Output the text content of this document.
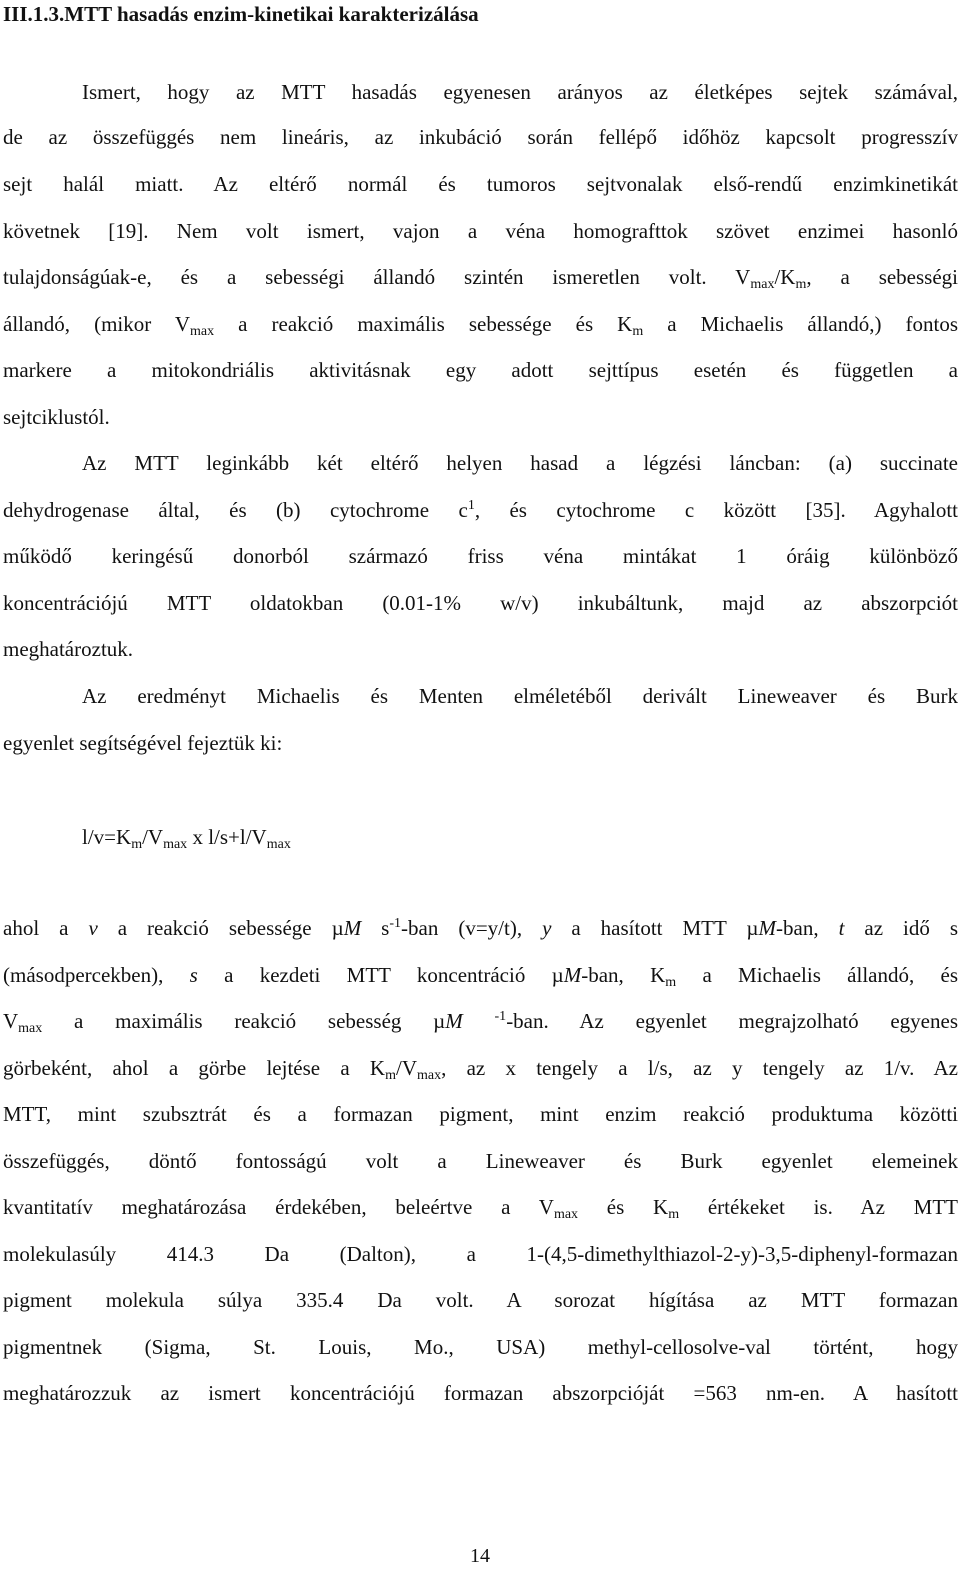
III.1.3.MTT hasadás enzim-kinetikai karakterizálása
Ismert, hogy az MTT hasadás egyenesen arányos az életképes sejtek számával,
de az összefüggés nem lineáris, az inkubáció során fellépő időhöz kapcsolt progresszív
sejt halál miatt. Az eltérő normál és tumoros sejtvonalak első-rendű enzimkinetikát
követnek [19]. Nem volt ismert, vajon a véna homografttok szövet enzimei hasonló
tulajdonságúak-e, és a sebességi állandó szintén ismeretlen volt. $V_{max}/K_m$, a sebességi
állandó, (mikor $V_{max}$ a reakció maximális sebessége és $K_m$ a Michaelis állandó,) fontos
markere a mitokondriális aktivitásnak egy adott sejttípus esetén és független a
sejtciklustól.
Az MTT leginkább két eltérő helyen hasad a légzési láncban: (a) succinate
dehydrogenase által, és (b) cytochrome $c^1$, és cytochrome c között [35]. Agyhalott
működő keringésű donorból származó friss véna mintákat 1 óráig különböző
koncentrációjú MTT oldatokban (0.01-1% w/v) inkubáltunk, majd az abszorpciót
meghatároztuk.
Az eredményt Michaelis és Menten elméletéből derivált Lineweaver és Burk
egyenlet segítségével fejeztük ki:
$l/v=K_m/V_{max}$ x $l/s+l/V_{max}$
ahol a v a reakció sebessége µM $s^{-1}$-ban (v=y/t), y a hasított MTT µM-ban, t az idő s
(másodpercekben), s a kezdeti MTT koncentráció µM-ban, $K_m$ a Michaelis állandó, és
$V_{max}$ a maximális reakció sebesség µM $^{-1}$-ban. Az egyenlet megrajzolható egyenes
görbeként, ahol a görbe lejtése a $K_m/V_{max}$, az x tengely a l/s, az y tengely az 1/v. Az
MTT, mint szubsztrát és a formazan pigment, mint enzim reakció produktuma közötti
összefüggés, döntő fontosságú volt a Lineweaver és Burk egyenlet elemeinek
kvantitatív meghatározása érdekében, beleértve a $V_{max}$ és $K_m$ értékeket is. Az MTT
molekulasúly 414.3 Da (Dalton), a 1-(4,5-dimethylthiazol-2-y)-3,5-diphenyl-formazan
pigment molekula súlya 335.4 Da volt. A sorozat hígítása az MTT formazan
pigmentnek (Sigma, St. Louis, Mo., USA) methyl-cellosolve-val történt, hogy
meghatározzuk az ismert koncentrációjú formazan abszorpcióját =563 nm-en. A hasított
14
